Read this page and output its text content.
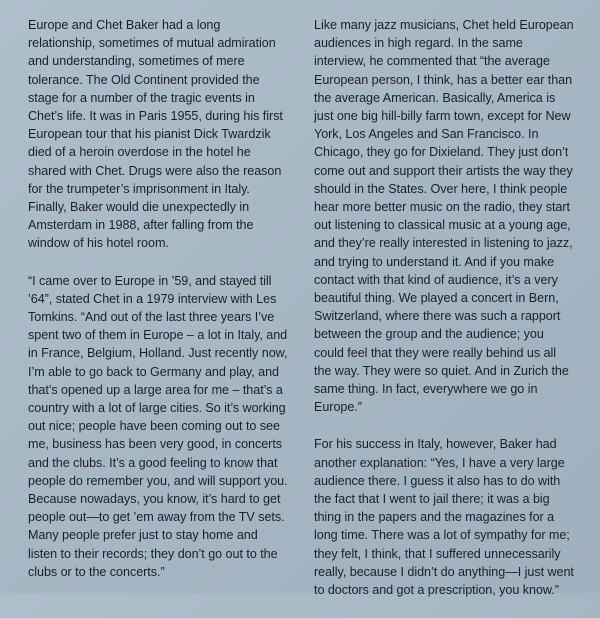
Europe and Chet Baker had a long relationship, sometimes of mutual admiration and understanding, sometimes of mere tolerance. The Old Continent provided the stage for a number of the tragic events in Chet’s life. It was in Paris 1955, during his first European tour that his pianist Dick Twardzik died of a heroin overdose in the hotel he shared with Chet. Drugs were also the reason for the trumpeter’s imprisonment in Italy. Finally, Baker would die unexpectedly in Amsterdam in 1988, after falling from the window of his hotel room.

“I came over to Europe in ’59, and stayed till ’64”, stated Chet in a 1979 interview with Les Tomkins. “And out of the last three years I’ve spent two of them in Europe – a lot in Italy, and in France, Belgium, Holland. Just recently now, I’m able to go back to Germany and play, and that’s opened up a large area for me – that’s a country with a lot of large cities. So it’s working out nice; people have been coming out to see me, business has been very good, in concerts and the clubs. It’s a good feeling to know that people do remember you, and will support you. Because nowadays, you know, it’s hard to get people out—to get ’em away from the TV sets. Many people prefer just to stay home and listen to their records; they don’t go out to the clubs or to the concerts.”

Like many jazz musicians, Chet held European audiences in high regard. In the same interview, he commented that “the average European person, I think, has a better ear than the average American. Basically, America is just one big hill-billy farm town, except for New York, Los Angeles and San Francisco. In Chicago, they go for Dixieland. They just don’t come out and support their artists the way they should in the States. Over here, I think people hear more better music on the radio, they start out listening to classical music at a young age, and they’re really interested in listening to jazz, and trying to understand it. And if you make contact with that kind of audience, it’s a very beautiful thing. We played a concert in Bern, Switzerland, where there was such a rapport between the group and the audience; you could feel that they were really behind us all the way. They were so quiet. And in Zurich the same thing. In fact, everywhere we go in Europe.”

For his success in Italy, however, Baker had another explanation: “Yes, I have a very large audience there. I guess it also has to do with the fact that I went to jail there; it was a big thing in the papers and the magazines for a long time. There was a lot of sympathy for me; they felt, I think, that I suffered unnecessarily really, because I didn’t do anything—I just went to doctors and got a prescription, you know.”
